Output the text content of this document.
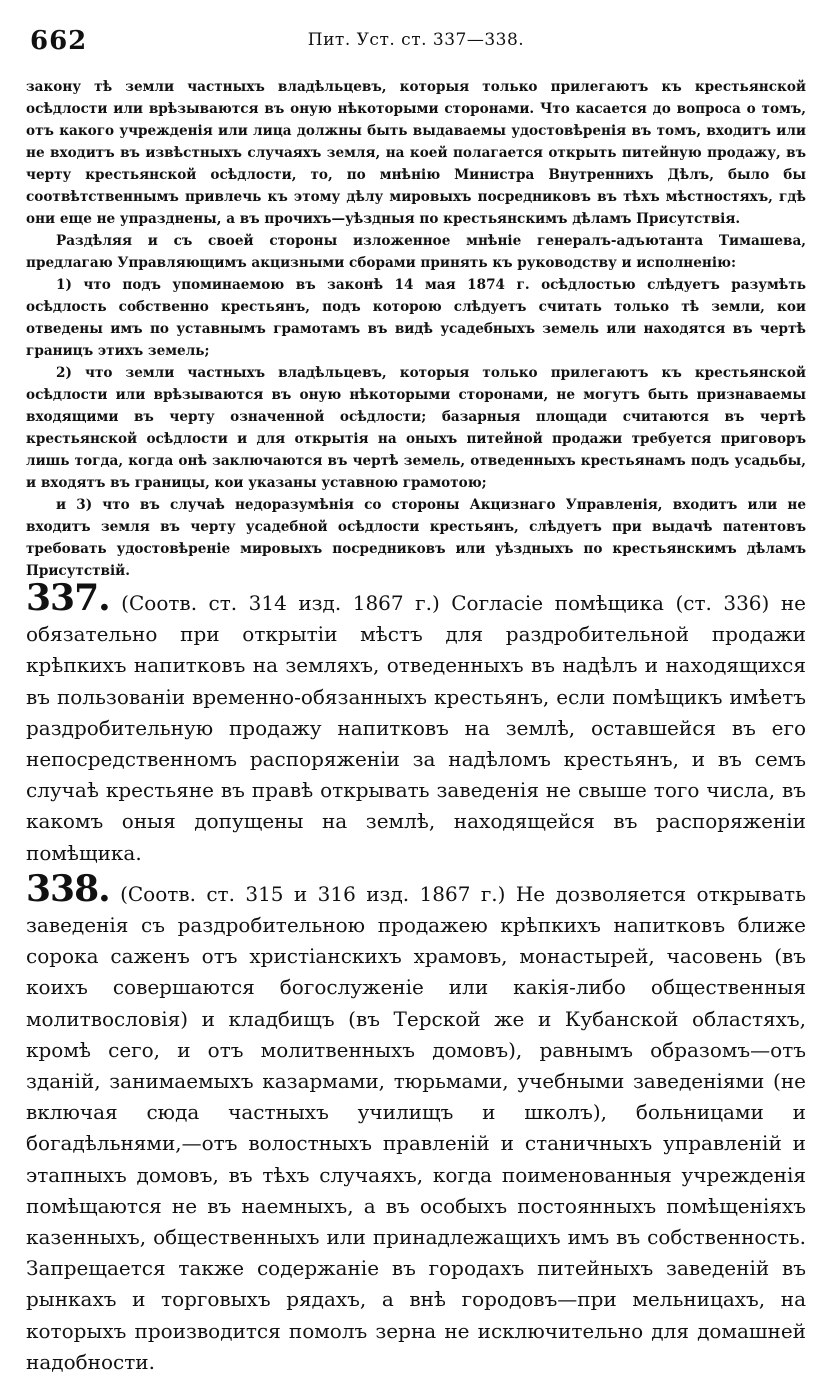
662	Пит. Уст. ст. 337—338.

закону тѣ земли частныхъ владѣльцевъ, которыя только прилегаютъ къ крестьянской осѣдлости или врѣзываются въ оную нѣкоторыми сторонами. Что касается до вопроса о томъ, отъ какого учрежденія или лица должны быть выдаваемы удостовѣренія въ томъ, входитъ или не входитъ въ извѣстныхъ случаяхъ земля, на коей полагается открыть питейную продажу, въ черту крестьянской осѣдлости, то, по мнѣнію Министра Внутреннихъ Дѣлъ, было бы соотвѣтственнымъ привлечь къ этому дѣлу мировыхъ посредниковъ въ тѣхъ мѣстностяхъ, гдѣ они еще не упразднены, а въ прочихъ—уѣздныя по крестьянскимъ дѣламъ Присутствія.

Раздѣляя и съ своей стороны изложенное мнѣніе генералъ-адъютанта Тимашева, предлагаю Управляющимъ акцизными сборами принять къ руководству и исполненію:

1) что подъ упоминаемою въ законѣ 14 мая 1874 г. осѣдлостью слѣдуетъ разумѣть осѣдлость собственно крестьянъ, подъ которою слѣдуетъ считать только тѣ земли, кои отведены имъ по уставнымъ грамотамъ въ видѣ усадебныхъ земель или находятся въ чертѣ границъ этихъ земель;

2) что земли частныхъ владѣльцевъ, которыя только прилегаютъ къ крестьянской осѣдлости или врѣзываются въ оную нѣкоторыми сторонами, не могутъ быть признаваемы входящими въ черту означенной осѣдлости; базарныя площади считаются въ чертѣ крестьянской осѣдлости и для открытія на оныхъ питейной продажи требуется приговоръ лишь тогда, когда онѣ заключаются въ чертѣ земель, отведенныхъ крестьянамъ подъ усадьбы, и входятъ въ границы, кои указаны уставною грамотою;

и 3) что въ случаѣ недоразумѣнія со стороны Акцизнаго Управленія, входитъ или не входитъ земля въ черту усадебной осѣдлости крестьянъ, слѣдуетъ при выдачѣ патентовъ требовать удостовѣреніе мировыхъ посредниковъ или уѣздныхъ по крестьянскимъ дѣламъ Присутствій.

337. (Соотв. ст. 314 изд. 1867 г.) Согласіе помѣщика (ст. 336) не обязательно при открытіи мѣстъ для раздробительной продажи крѣпкихъ напитковъ на земляхъ, отведенныхъ въ надѣлъ и находящихся въ пользованіи временно-обязанныхъ крестьянъ, если помѣщикъ имѣетъ раздробительную продажу напитковъ на землѣ, оставшейся въ его непосредственномъ распоряженіи за надѣломъ крестьянъ, и въ семъ случаѣ крестьяне въ правѣ открывать заведенія не свыше того числа, въ какомъ оныя допущены на землѣ, находящейся въ распоряженіи помѣщика.

338. (Соотв. ст. 315 и 316 изд. 1867 г.) Не дозволяется открывать заведенія съ раздробительною продажею крѣпкихъ напитковъ ближе сорока саженъ отъ христіанскихъ храмовъ, монастырей, часовень (въ коихъ совершаются богослуженіе или какія-либо общественныя молитвословія) и кладбищъ (въ Терской же и Кубанской областяхъ, кромѣ сего, и отъ молитвенныхъ домовъ), равнымъ образомъ—отъ зданій, занимаемыхъ казармами, тюрьмами, учебными заведеніями (не включая сюда частныхъ училищъ и школъ), больницами и богадѣльнями,—отъ волостныхъ правленій и станичныхъ управленій и этапныхъ домовъ, въ тѣхъ случаяхъ, когда поименованныя учрежденія помѣщаются не въ наемныхъ, а въ особыхъ постоянныхъ помѣщеніяхъ казенныхъ, общественныхъ или принадлежащихъ имъ въ собственность. Запрещается также содержаніе въ городахъ питейныхъ заведеній въ рынкахъ и торговыхъ рядахъ, а внѣ городовъ—при мельницахъ, на которыхъ производится помолъ зерна не исключительно для домашней надобности.
